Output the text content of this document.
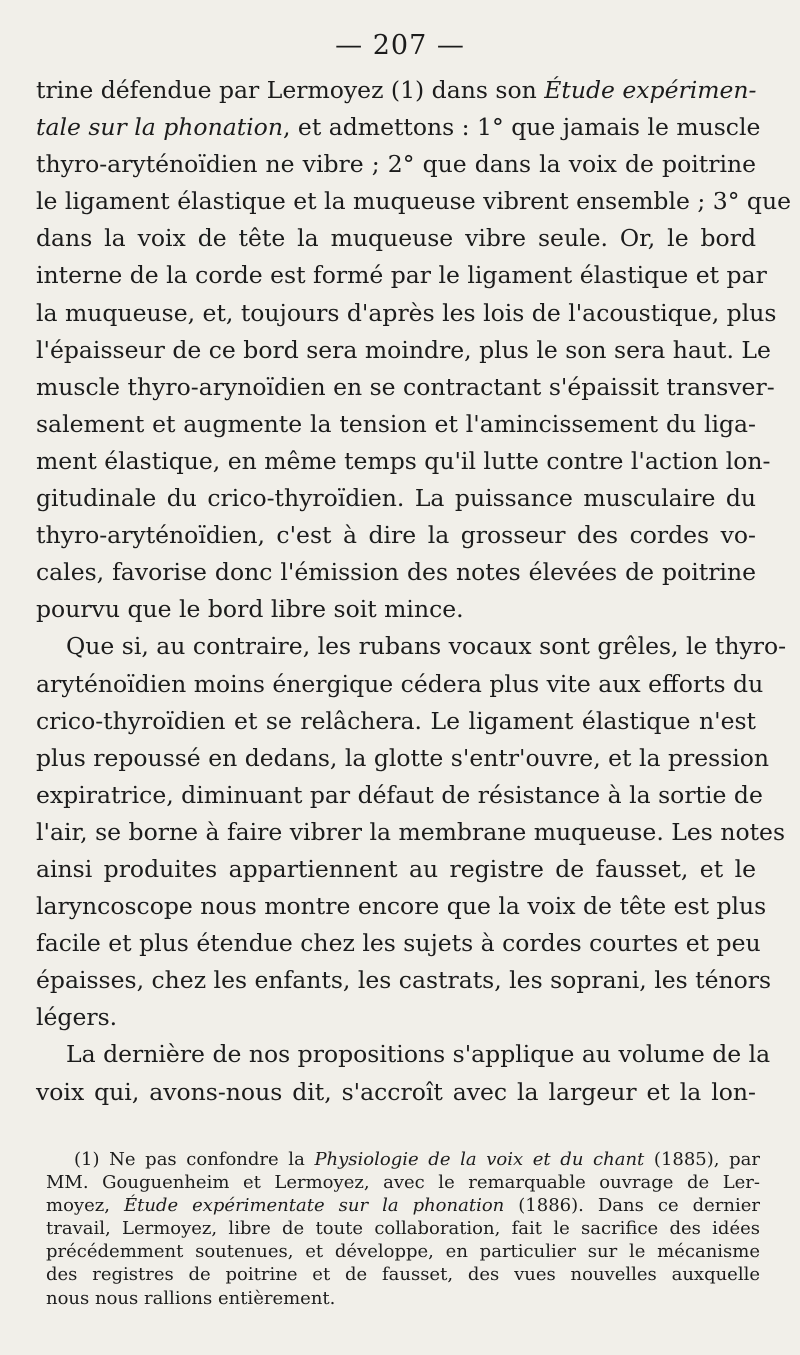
— 207 —
trine défendue par Lermoyez (1) dans son Étude expérimen-
tale sur la phonation, et admettons : 1° que jamais le muscle
thyro-aryténoïdien ne vibre ; 2° que dans la voix de poitrine
le ligament élastique et la muqueuse vibrent ensemble ; 3° que
dans la voix de tête la muqueuse vibre seule. Or, le bord
interne de la corde est formé par le ligament élastique et par
la muqueuse, et, toujours d'après les lois de l'acoustique, plus
l'épaisseur de ce bord sera moindre, plus le son sera haut. Le
muscle thyro-arynoïdien en se contractant s'épaissit transver-
salement et augmente la tension et l'amincissement du liga-
ment élastique, en même temps qu'il lutte contre l'action lon-
gitudinale du crico-thyroïdien. La puissance musculaire du
thyro-aryténoïdien, c'est à dire la grosseur des cordes vo-
cales, favorise donc l'émission des notes élevées de poitrine
pourvu que le bord libre soit mince.
Que si, au contraire, les rubans vocaux sont grêles, le thyro-
aryténoïdien moins énergique cédera plus vite aux efforts du
crico-thyroïdien et se relâchera. Le ligament élastique n'est
plus repoussé en dedans, la glotte s'entr'ouvre, et la pression
expiratrice, diminuant par défaut de résistance à la sortie de
l'air, se borne à faire vibrer la membrane muqueuse. Les notes
ainsi produites appartiennent au registre de fausset, et le
laryncoscope nous montre encore que la voix de tête est plus
facile et plus étendue chez les sujets à cordes courtes et peu
épaisses, chez les enfants, les castrats, les soprani, les ténors
légers.
La dernière de nos propositions s'applique au volume de la
voix qui, avons-nous dit, s'accroît avec la largeur et la lon-
(1) Ne pas confondre la Physiologie de la voix et du chant (1885), par
MM. Gouguenheim et Lermoyez, avec le remarquable ouvrage de Ler-
moyez, Étude expérimentate sur la phonation (1886). Dans ce dernier
travail, Lermoyez, libre de toute collaboration, fait le sacrifice des idées
précédemment soutenues, et développe, en particulier sur le mécanisme
des registres de poitrine et de fausset, des vues nouvelles auxquelle
nous nous rallions entièrement.
